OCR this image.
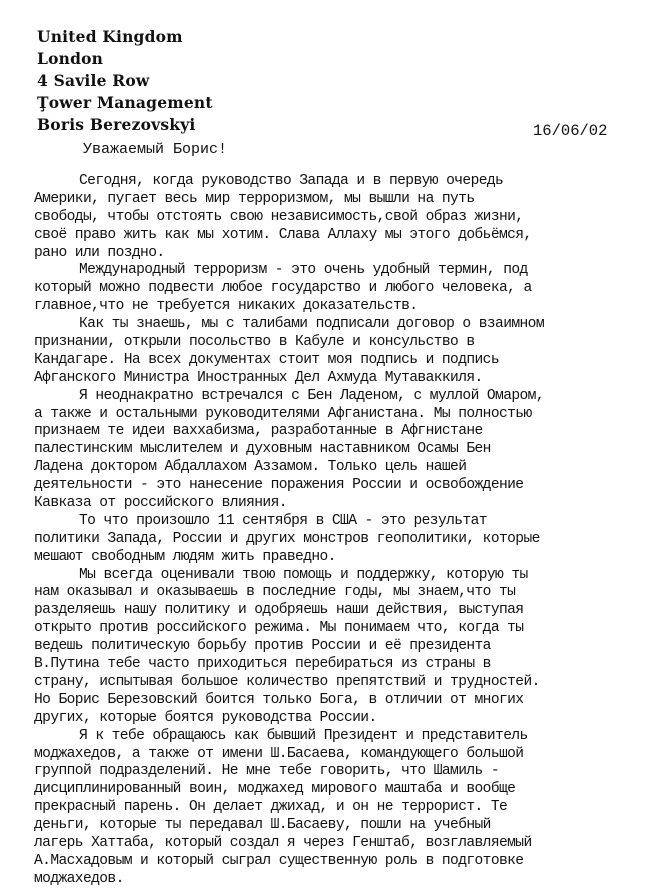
United Kingdom
London
4 Savile Row
Ţower Management
Boris Berezovskyi	16/06/02
Уважаемый Борис!
Сегодня, когда руководство Запада и в первую очередь
Америки, пугает весь мир терроризмом, мы вышли на путь
свободы, чтобы отстоять свою независимость,свой образ жизни,
своё право жить как мы хотим. Слава Аллаху мы этого добьёмся,
рано или поздно.
Международный терроризм - это очень удобный термин, под
который можно подвести любое государство и любого человека, а
главное,что не требуется никаких доказательств.
Как ты знаешь, мы с талибами подписали договор о взаимном
признании, открыли посольство в Кабуле и консульство в
Кандагаре. На всех документах стоит моя подпись и подпись
Афганского Министра Иностранных Дел Ахмуда Мутаваккиля.
Я неоднакратно встречался с Бен Ладеном, с муллой Омаром,
а также и остальными руководителями Афганистана. Мы полностью
признаем те идеи ваххабизма, разработанные в Афгнистане
палестинским мыслителем и духовным наставником Осамы Бен
Ладена доктором Абдаллахом Аззамом. Только цель нашей
деятельности - это нанесение поражения России и освобождение
Кавказа от российского влияния.
То что произошло 11 сентября в США - это результат
политики Запада, России и других монстров геополитики, которые
мешают свободным людям жить праведно.
Мы всегда оценивали твою помощь и поддержку, которую ты
нам оказывал и оказываешь в последние годы, мы знаем,что ты
разделяешь нашу политику и одобряешь наши действия, выступая
открыто против российского режима. Мы понимаем что, когда ты
ведешь политическую борьбу против России и её президента
В.Путина тебе часто приходиться перебираться из страны в
страну, испытывая большое количество препятствий и трудностей.
Но Борис Березовский боится только Бога, в отличии от многих
других, которые боятся руководства России.
Я к тебе обращаюсь как бывший Президент и представитель
моджахедов, а также от имени Ш.Басаева, командующего большой
группой подразделений. Не мне тебе говорить, что Шамиль -
дисциплинированный воин, моджахед мирового маштаба и вообще
прекрасный парень. Он делает джихад, и он не террорист. Те
деньги, которые ты передавал Ш.Басаеву, пошли на учебный
лагерь Хаттаба, который создал я через Генштаб, возглавляемый
А.Масхадовым и который сыграл существенную роль в подготовке
моджахедов.
